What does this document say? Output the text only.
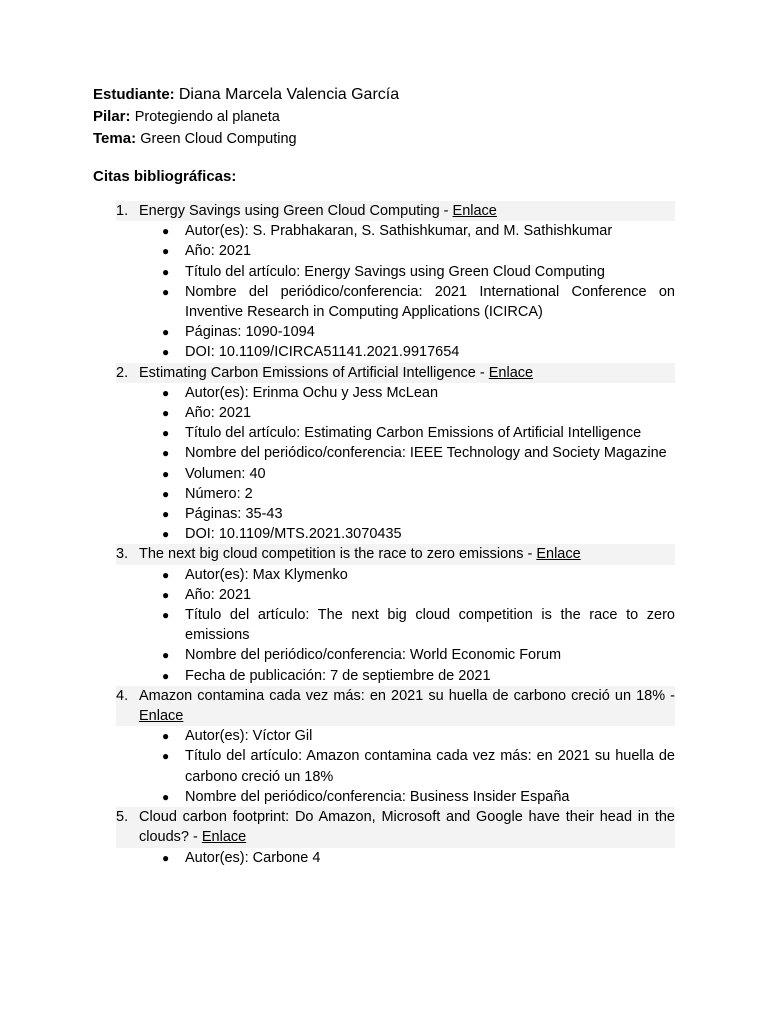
Estudiante: Diana Marcela Valencia García
Pilar: Protegiendo al planeta
Tema: Green Cloud Computing
Citas bibliográficas:
1. Energy Savings using Green Cloud Computing - Enlace
● Autor(es): S. Prabhakaran, S. Sathishkumar, and M. Sathishkumar
● Año: 2021
● Título del artículo: Energy Savings using Green Cloud Computing
● Nombre del periódico/conferencia: 2021 International Conference on Inventive Research in Computing Applications (ICIRCA)
● Páginas: 1090-1094
● DOI: 10.1109/ICIRCA51141.2021.9917654
2. Estimating Carbon Emissions of Artificial Intelligence - Enlace
● Autor(es): Erinma Ochu y Jess McLean
● Año: 2021
● Título del artículo: Estimating Carbon Emissions of Artificial Intelligence
● Nombre del periódico/conferencia: IEEE Technology and Society Magazine
● Volumen: 40
● Número: 2
● Páginas: 35-43
● DOI: 10.1109/MTS.2021.3070435
3. The next big cloud competition is the race to zero emissions - Enlace
● Autor(es): Max Klymenko
● Año: 2021
● Título del artículo: The next big cloud competition is the race to zero emissions
● Nombre del periódico/conferencia: World Economic Forum
● Fecha de publicación: 7 de septiembre de 2021
4. Amazon contamina cada vez más: en 2021 su huella de carbono creció un 18% - Enlace
● Autor(es): Víctor Gil
● Título del artículo: Amazon contamina cada vez más: en 2021 su huella de carbono creció un 18%
● Nombre del periódico/conferencia: Business Insider España
5. Cloud carbon footprint: Do Amazon, Microsoft and Google have their head in the clouds? - Enlace
● Autor(es): Carbone 4
